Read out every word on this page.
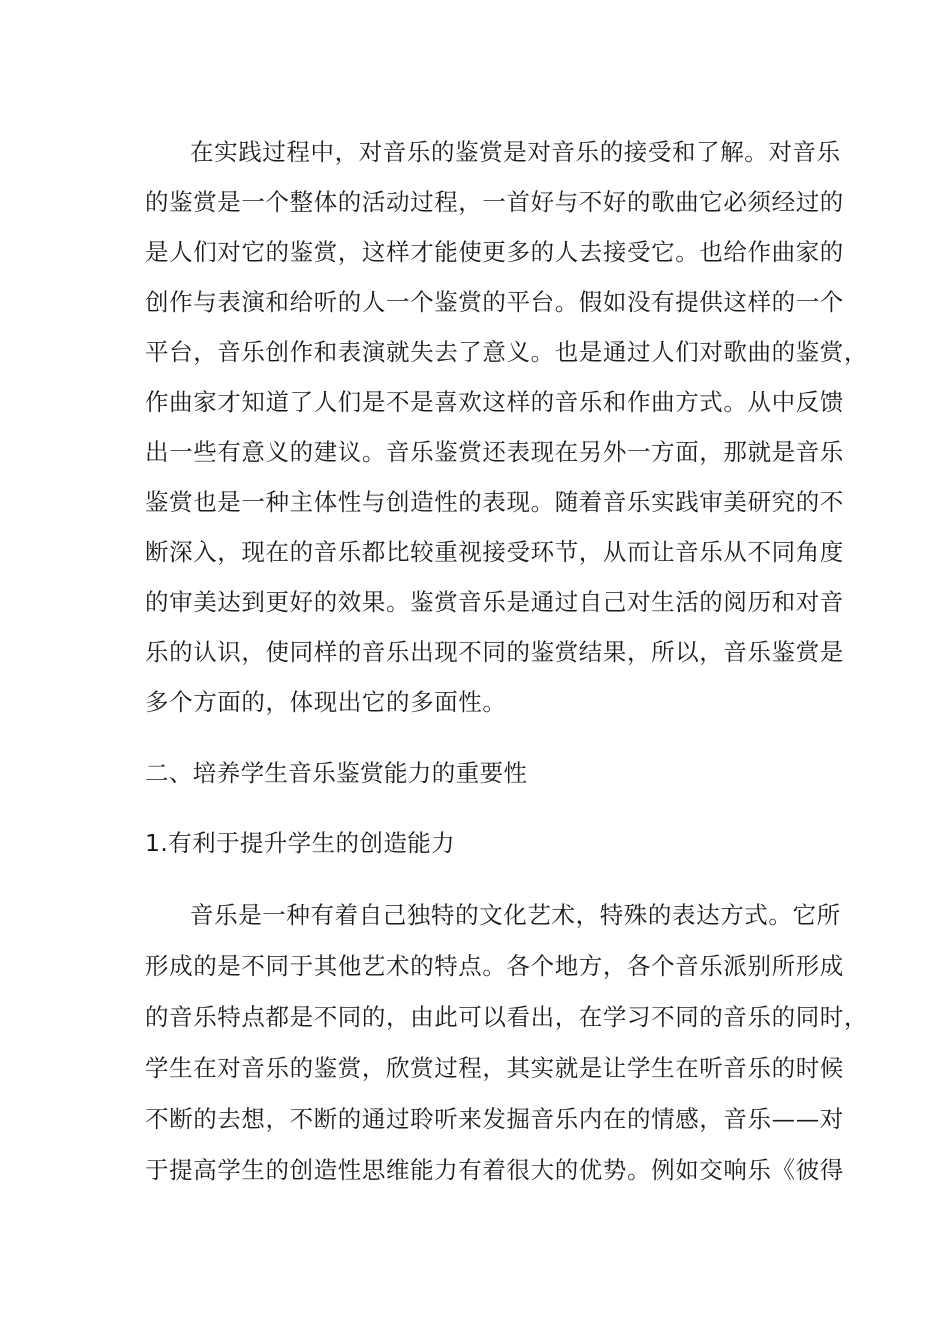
在实践过程中，对音乐的鉴赏是对音乐的接受和了解。对音乐
的鉴赏是一个整体的活动过程，一首好与不好的歌曲它必须经过的
是人们对它的鉴赏，这样才能使更多的人去接受它。也给作曲家的
创作与表演和给听的人一个鉴赏的平台。假如没有提供这样的一个
平台，音乐创作和表演就失去了意义。也是通过人们对歌曲的鉴赏，
作曲家才知道了人们是不是喜欢这样的音乐和作曲方式。从中反馈
出一些有意义的建议。音乐鉴赏还表现在另外一方面，那就是音乐
鉴赏也是一种主体性与创造性的表现。随着音乐实践审美研究的不
断深入，现在的音乐都比较重视接受环节，从而让音乐从不同角度
的审美达到更好的效果。鉴赏音乐是通过自己对生活的阅历和对音
乐的认识，使同样的音乐出现不同的鉴赏结果，所以，音乐鉴赏是
多个方面的，体现出它的多面性。
二、培养学生音乐鉴赏能力的重要性
1.有利于提升学生的创造能力
音乐是一种有着自己独特的文化艺术，特殊的表达方式。它所
形成的是不同于其他艺术的特点。各个地方，各个音乐派别所形成
的音乐特点都是不同的，由此可以看出，在学习不同的音乐的同时，
学生在对音乐的鉴赏，欣赏过程，其实就是让学生在听音乐的时候
不断的去想，不断的通过聆听来发掘音乐内在的情感，音乐——对
于提高学生的创造性思维能力有着很大的优势。例如交响乐《彼得
